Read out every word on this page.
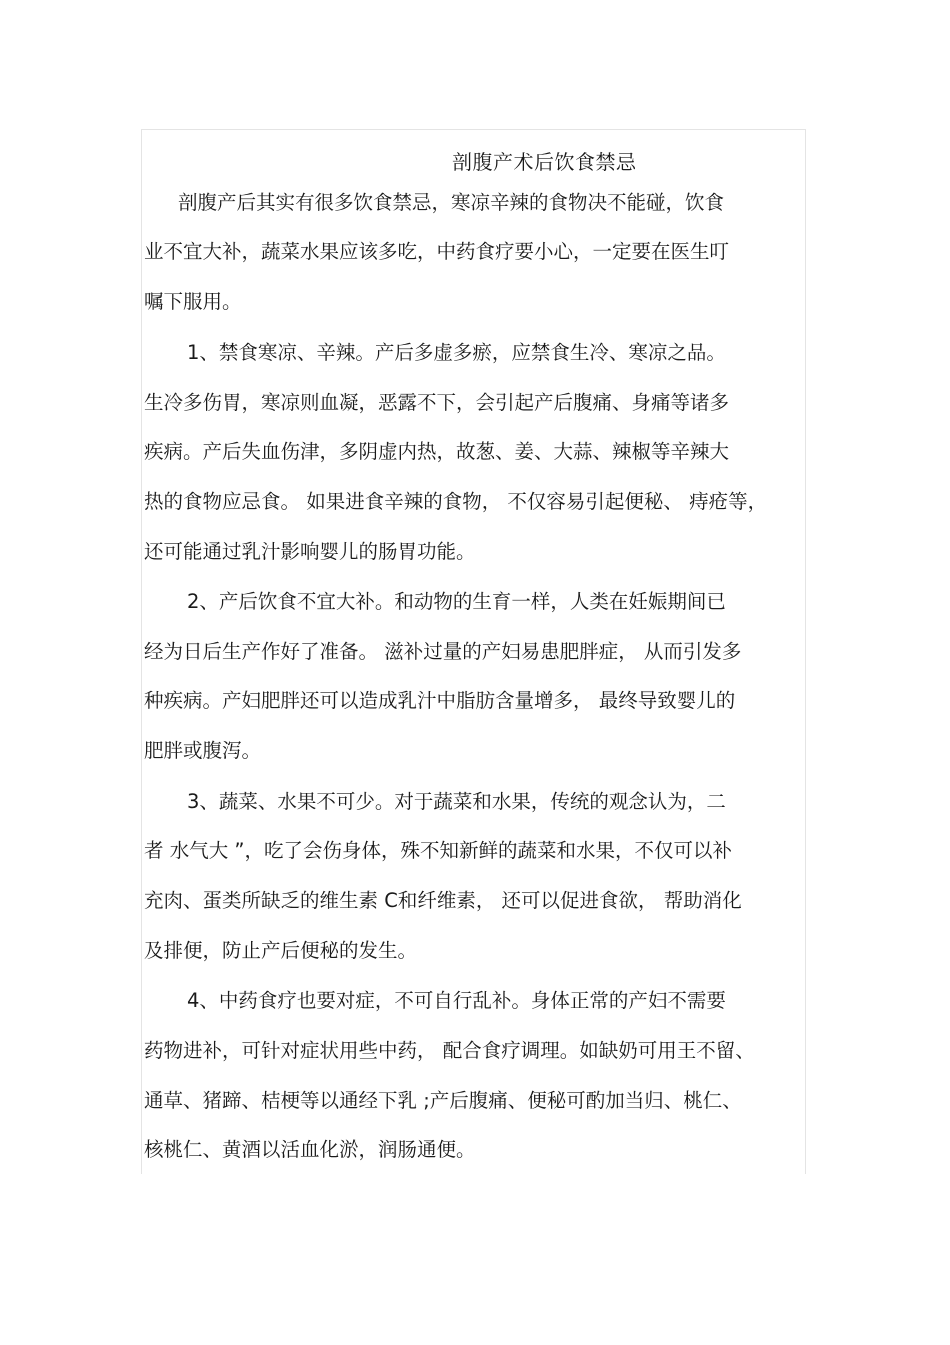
剖腹产术后饮食禁忌
剖腹产后其实有很多饮食禁忌，寒凉辛辣的食物决不能碰，饮食
业不宜大补，蔬菜水果应该多吃，中药食疗要小心，一定要在医生叮
嘱下服用。
1、禁食寒凉、辛辣。产后多虚多瘀，应禁食生冷、寒凉之品。
生冷多伤胃，寒凉则血凝，恶露不下，会引起产后腹痛、身痛等诸多
疾病。产后失血伤津，多阴虚内热，故葱、姜、大蒜、辣椒等辛辣大
热的食物应忌食。 如果进食辛辣的食物， 不仅容易引起便秘、 痔疮等，
还可能通过乳汁影响婴儿的肠胃功能。
2、产后饮食不宜大补。和动物的生育一样，人类在妊娠期间已
经为日后生产作好了准备。 滋补过量的产妇易患肥胖症， 从而引发多
种疾病。产妇肥胖还可以造成乳汁中脂肪含量增多， 最终导致婴儿的
肥胖或腹泻。
3、蔬菜、水果不可少。对于蔬菜和水果，传统的观念认为，二
者 水气大 ”，吃了会伤身体，殊不知新鲜的蔬菜和水果，不仅可以补
充肉、蛋类所缺乏的维生素 C和纤维素， 还可以促进食欲， 帮助消化
及排便，防止产后便秘的发生。
4、中药食疗也要对症，不可自行乱补。身体正常的产妇不需要
药物进补，可针对症状用些中药， 配合食疗调理。如缺奶可用王不留、
通草、猪蹄、桔梗等以通经下乳 ;产后腹痛、便秘可酌加当归、桃仁、
核桃仁、黄酒以活血化淤，润肠通便。
